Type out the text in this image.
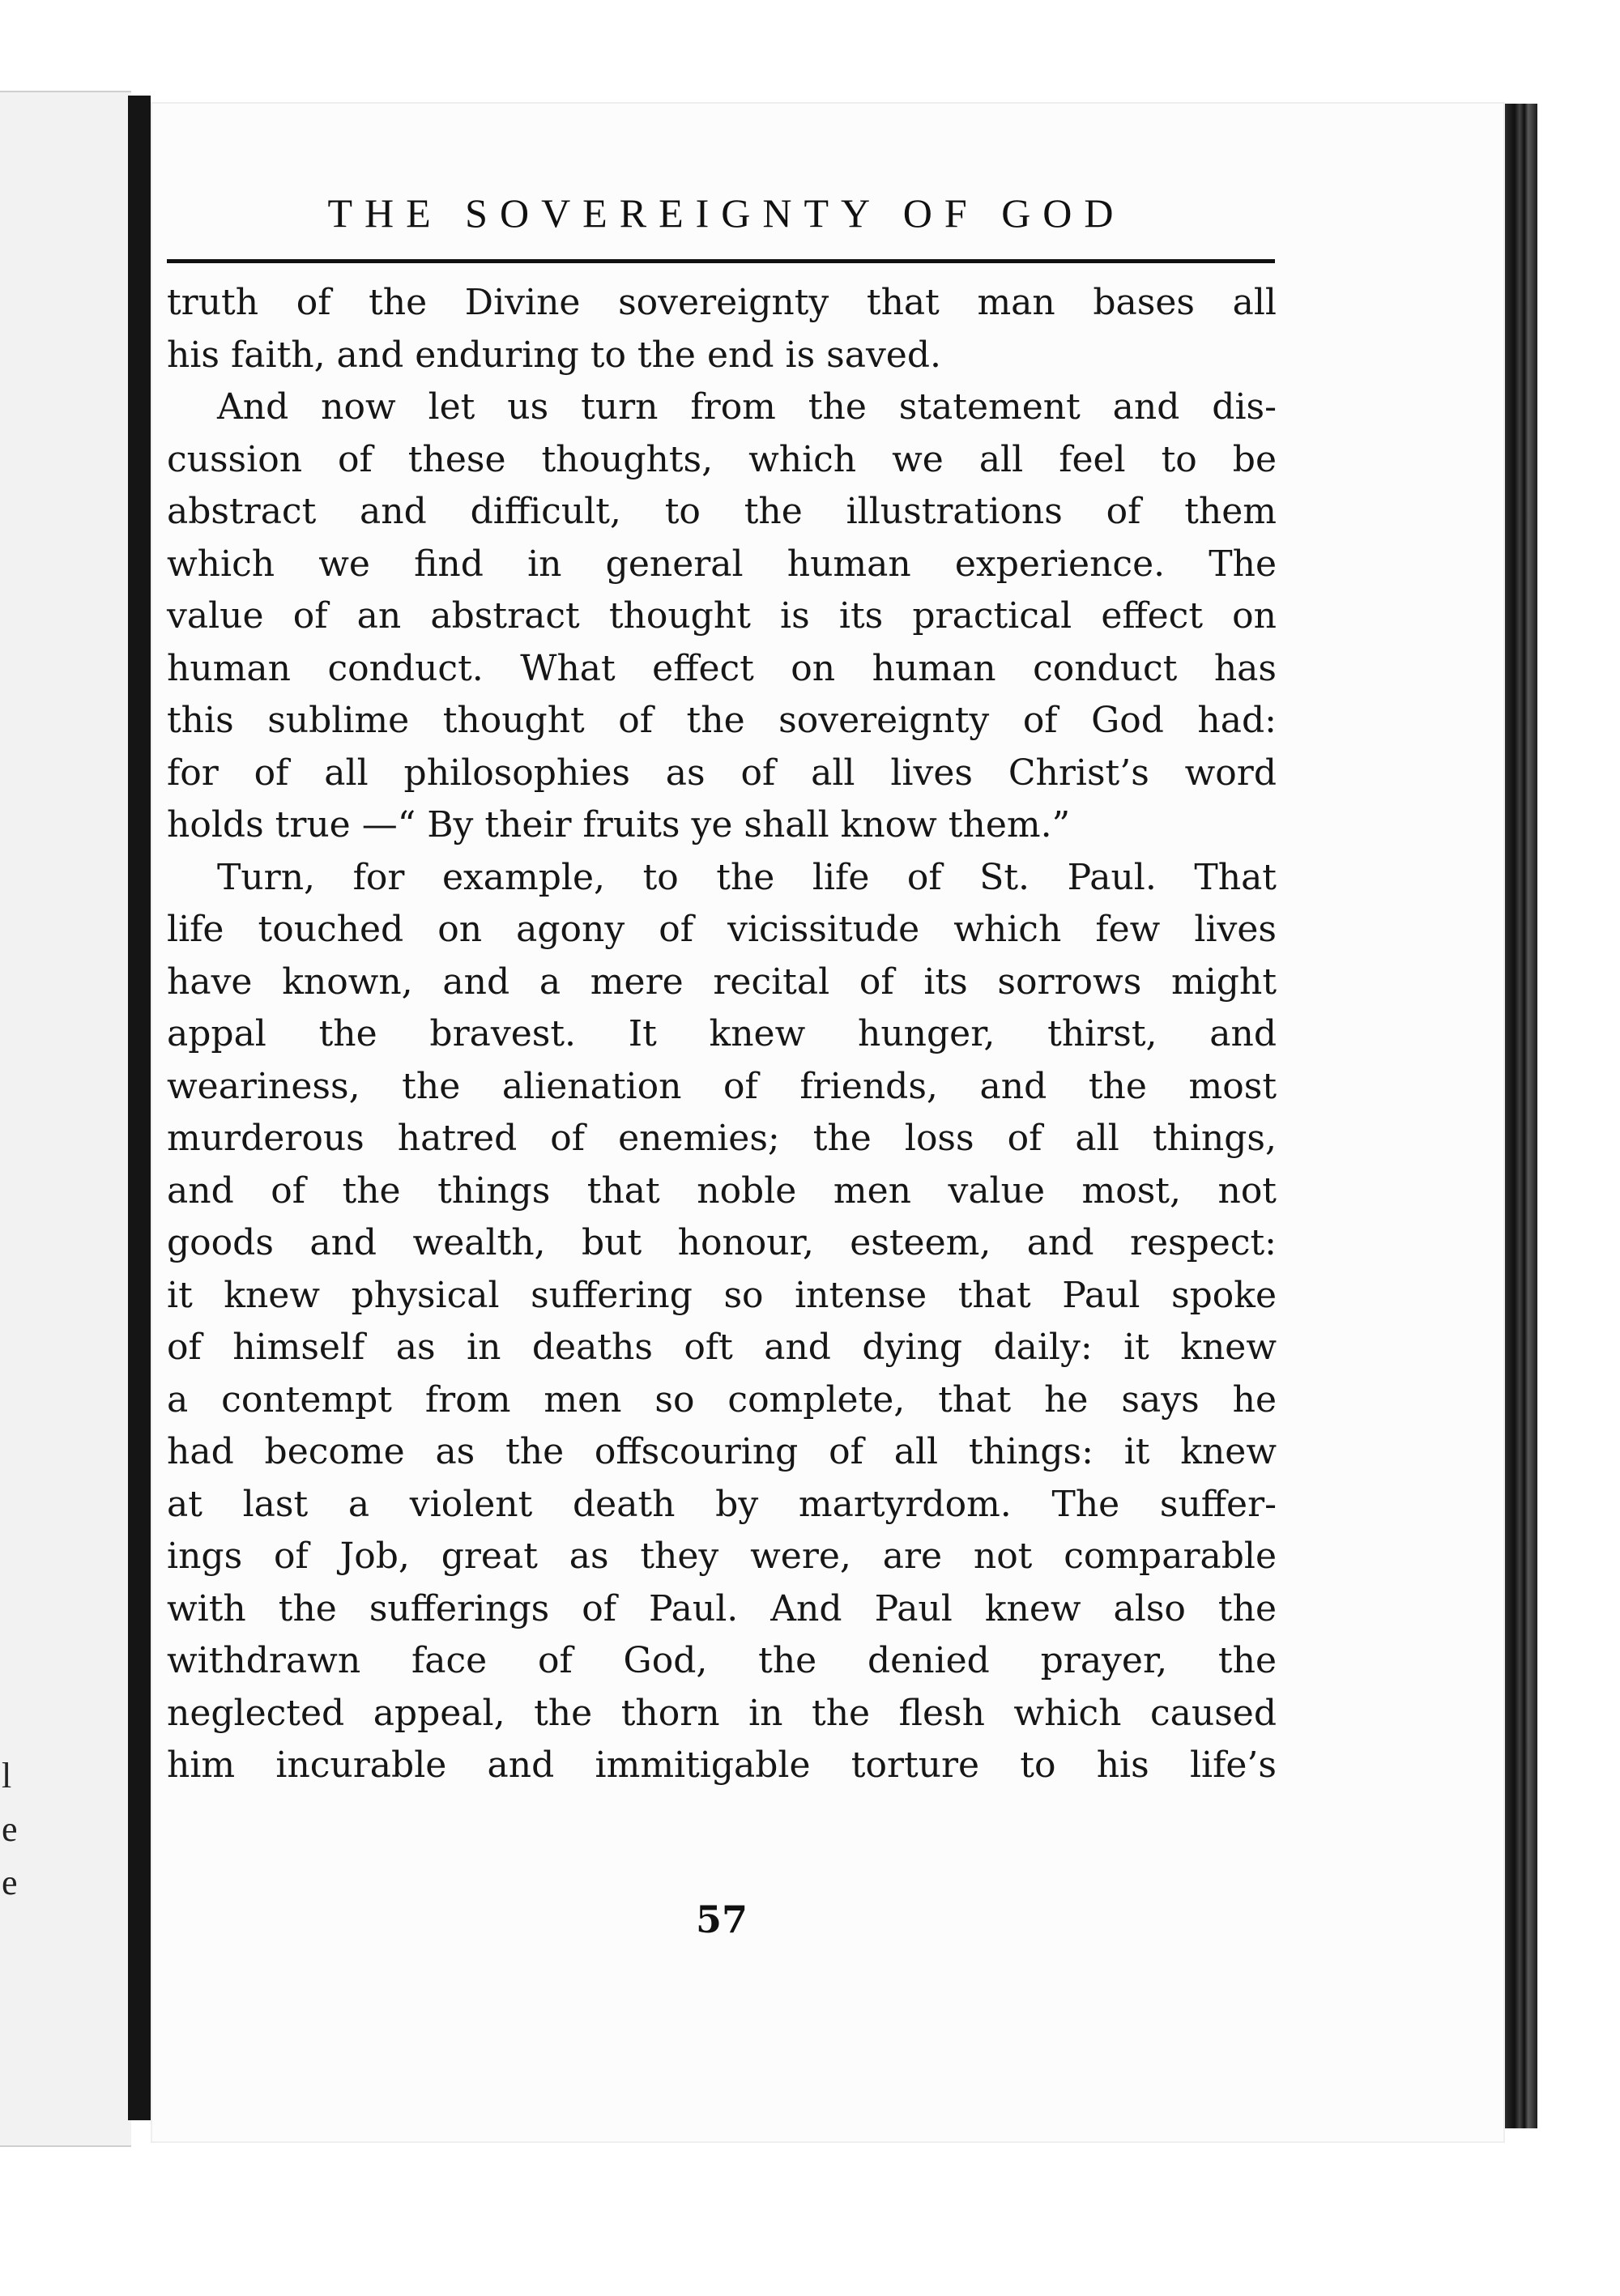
l
e
e
THE SOVEREIGNTY OF GOD
truth of the Divine sovereignty that man bases all
his faith, and enduring to the end is saved.
And now let us turn from the statement and dis-
cussion of these thoughts, which we all feel to be
abstract and difficult, to the illustrations of them
which we find in general human experience. The
value of an abstract thought is its practical effect on
human conduct. What effect on human conduct has
this sublime thought of the sovereignty of God had:
for of all philosophies as of all lives Christ’s word
holds true —“ By their fruits ye shall know them.”
Turn, for example, to the life of St. Paul. That
life touched on agony of vicissitude which few lives
have known, and a mere recital of its sorrows might
appal the bravest. It knew hunger, thirst, and
weariness, the alienation of friends, and the most
murderous hatred of enemies; the loss of all things,
and of the things that noble men value most, not
goods and wealth, but honour, esteem, and respect:
it knew physical suffering so intense that Paul spoke
of himself as in deaths oft and dying daily: it knew
a contempt from men so complete, that he says he
had become as the offscouring of all things: it knew
at last a violent death by martyrdom. The suffer-
ings of Job, great as they were, are not comparable
with the sufferings of Paul. And Paul knew also the
withdrawn face of God, the denied prayer, the
neglected appeal, the thorn in the flesh which caused
him incurable and immitigable torture to his life’s
57
